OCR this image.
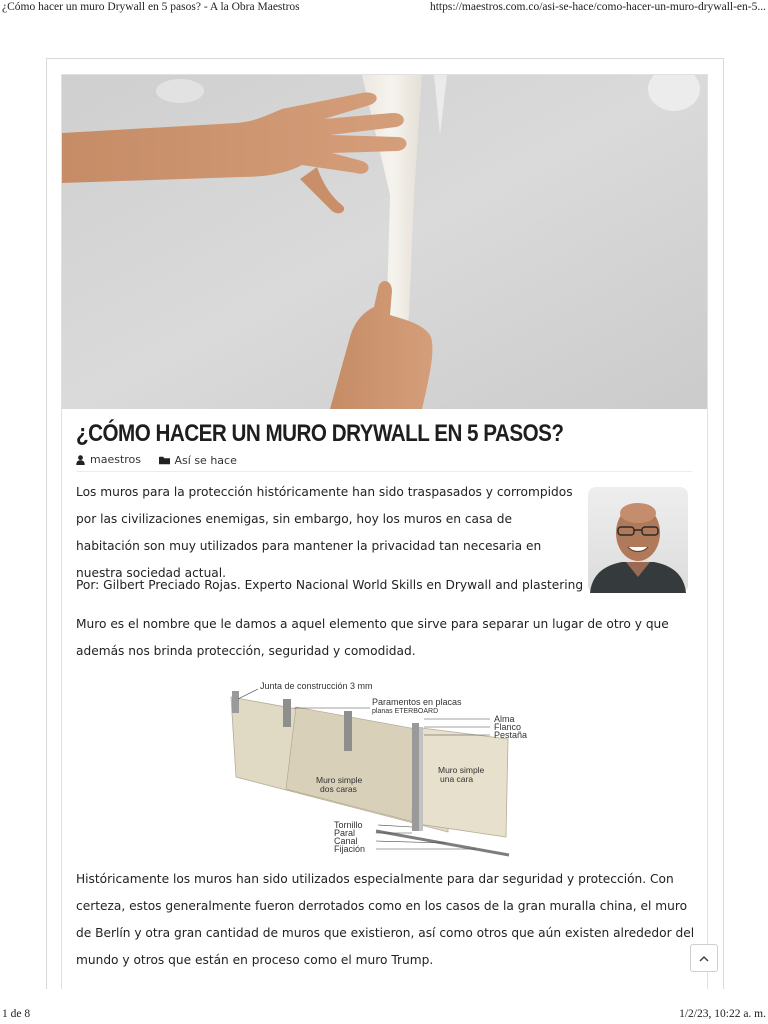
¿Cómo hacer un muro Drywall en 5 pasos? - A la Obra Maestros	https://maestros.com.co/asi-se-hace/como-hacer-un-muro-drywall-en-5...
¿CÓMO HACER UN MURO DRYWALL EN 5 PASOS?
maestros
	Así se hace

Los muros para la protección históricamente han sido traspasados y corrompidos por las civilizaciones enemigas, sin embargo, hoy los muros en casa de habitación son muy utilizados para mantener la privacidad tan necesaria en nuestra sociedad actual.

Por: Gilbert Preciado Rojas. Experto Nacional World Skills en Drywall and plastering

Muro es el nombre que le damos a aquel elemento que sirve para separar un lugar de otro y que además nos brinda protección, seguridad y comodidad.

Junta de construcción 3 mm
Paramentos en placas
planas ETERBOARD
Alma
Flanco
Pestaña
Muro simple
una cara
Muro simple
dos caras
Tornillo
Paral
Canal
Fijación

Históricamente los muros han sido utilizados especialmente para dar seguridad y protección. Con certeza, estos generalmente fueron derrotados como en los casos de la gran muralla china, el muro de Berlín y otra gran cantidad de muros que existieron, así como otros que aún existen alrededor del mundo y otros que están en proceso como el muro Trump.

1 de 8	1/2/23, 10:22 a. m.
